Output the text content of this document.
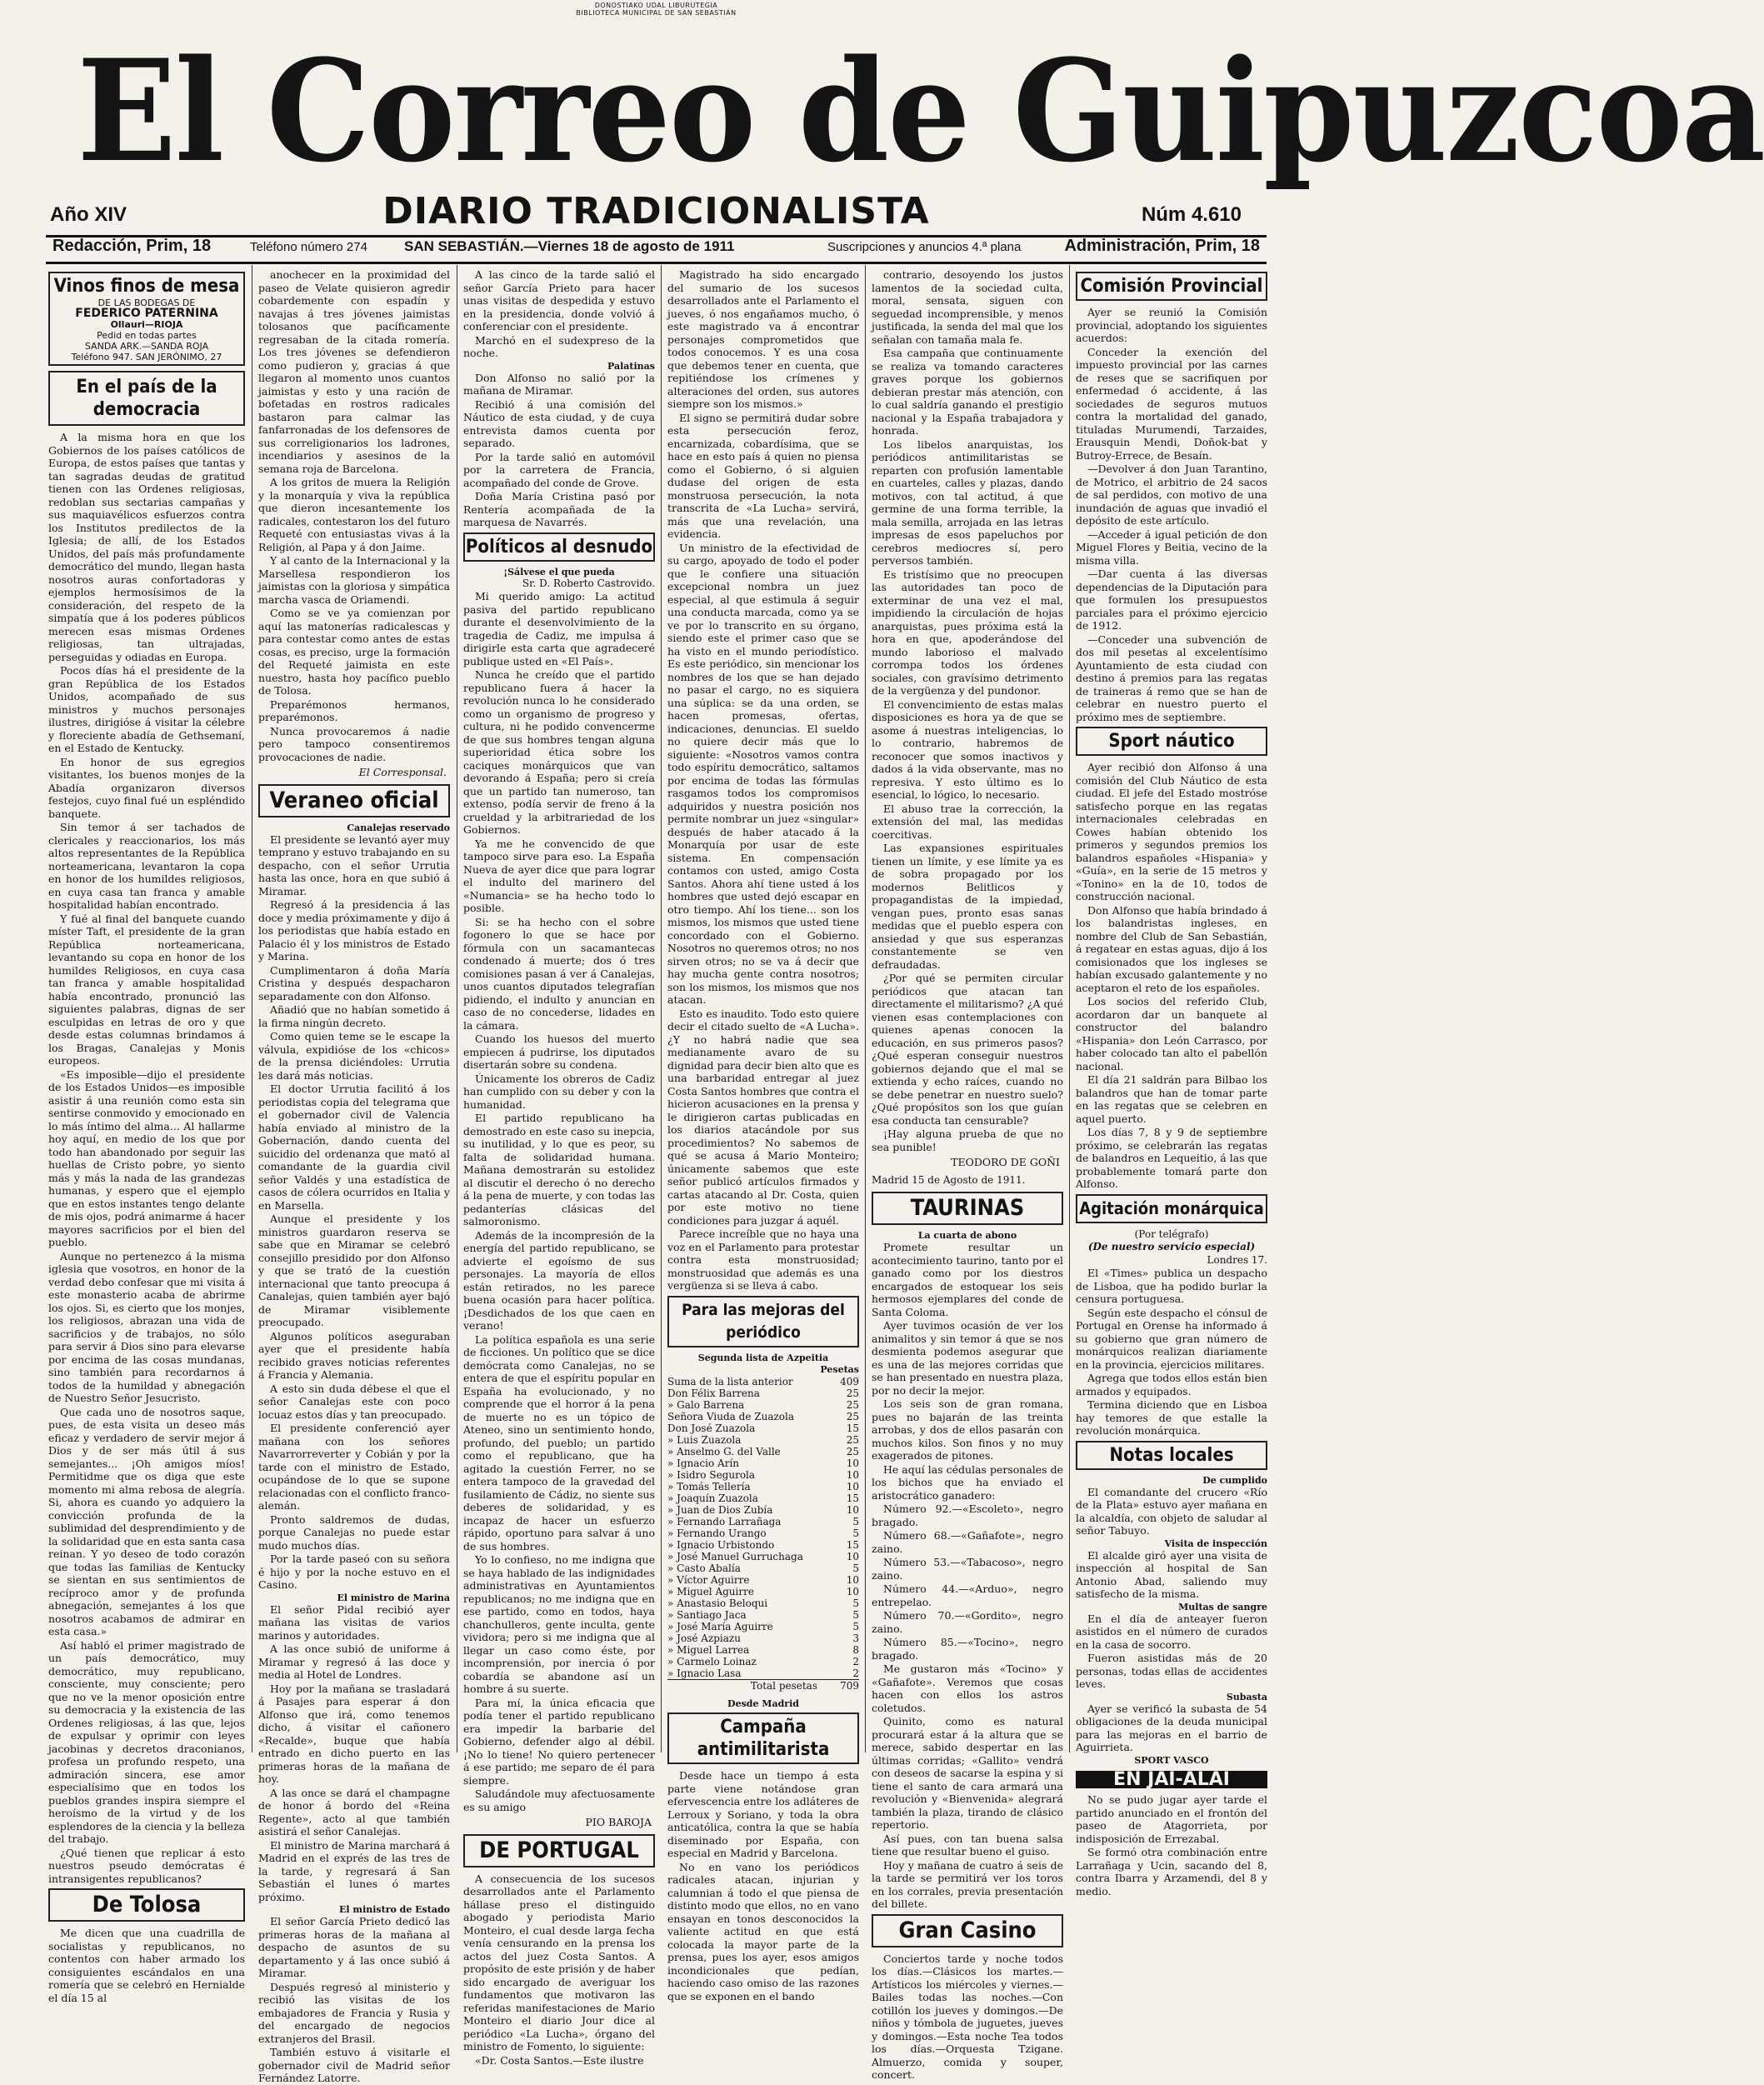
DONOSTIAKO UDAL LIBURUTEGIA
BIBLIOTECA MUNICIPAL DE SAN SEBASTIÁN
El Correo de Guipuzcoa
Año XIV	DIARIO TRADICIONALISTA	Núm 4.610
Redacción, Prim, 18	Teléfono número 274	SAN SEBASTIÁN.—Viernes 18 de agosto de 1911	Suscripciones y anuncios 4.ª plana	Administración, Prim, 18
Vinos finos de mesa
DE LAS BODEGAS DE
FEDERICO PATERNINA
Ollauri—RIOJA
Pedid en todas partes
SANDA ARK.—SANDA ROJA
Teléfono 947. SAN JERÓNIMO, 27
En el país de la democracia

A la misma hora en que los Gobiernos de los países católicos de Europa, de estos países que tantas y tan sagradas deudas de gratitud tienen con las Ordenes religiosas, redoblan sus sectarias campañas y sus maquiavélicos esfuerzos contra los Institutos predilectos de la Iglesia; de allí, de los Estados Unidos, del país más profundamente democrático del mundo, llegan hasta nosotros auras confortadoras y ejemplos hermosísimos de la consideración, del respeto de la simpatía que á los poderes públicos merecen esas mismas Ordenes religiosas, tan ultrajadas, perseguidas y odiadas en Europa.

Pocos días há el presidente de la gran República de los Estados Unidos, acompañado de sus ministros y muchos personajes ilustres, dirigióse á visitar la célebre y florecientе abadía de Gethsemaní, en el Estado de Kentucky.

En honor de sus egregios visitantes, los buenos monjes de la Abadía organizaron diversos festejos, cuyo final fué un espléndido banquete.

Sin temor á ser tachados de clericales y reaccionarios, los más altos representantes de la República norteamericana, levantaron la copa en honor de los humildes religiosos, en cuya casa tan franca y amable hospitalidad habían encontrado.

Y fué al final del banquete cuando míster Taft, el presidente de la gran República norteamericana, levantando su copa en honor de los humildes Religiosos, en cuya casa tan franca y amable hospitalidad había encontrado, pronunció las siguientes palabras, dignas de ser esculpidas en letras de oro y que desde estas columnas brindamos á los Bragas, Canalejas y Monis europeos.

«Es imposible—dijo el presidente de los Estados Unidos—es imposible asistir á una reunión como esta sin sentirse conmovido y emocionado en lo más íntimo del alma... Al hallarme hoy aquí, en medio de los que por todo han abandonado por seguir las huellas de Cristo pobre, yo siento más y más la nada de las grandezas humanas, y espero que el ejemplo que en estos instantes tengo delante de mis ojos, podrá animarme á hacer mayores sacrificios por el bien del pueblo.

Aunque no pertenezco á la misma iglesia que vosotros, en honor de la verdad debo confesar que mi visita á este monasterio acaba de abrirme los ojos. Si, es cierto que los monjes, los religiosos, abrazan una vida de sacrificios y de trabajos, no sólo para servir á Dios sino para elevarse por encima de las cosas mundanas, sino también para recordarnos á todos de la humildad y abnegación de Nuestro Señor Jesucristo.

Que cada uno de nosotros saque, pues, de esta visita un deseo más eficaz y verdadero de servir mejor á Dios y de ser más útil á sus semejantes... ¡Oh amigos míos! Permitidme que os diga que este momento mi alma rebosa de alegría. Si, ahora es cuando yo adquiero la convicción profunda de la sublimidad del desprendimiento y de la solidaridad que en esta santa casa reinan. Y yo deseo de todo corazón que todas las familias de Kentucky se sientan en sus sentimientos de recíproco amor y de profunda abnegación, semejantes á los que nosotros acabamos de admirar en esta casa.»

Así habló el primer magistrado de un país democrático, muy democrático, muy republicano, consciente, muy consciente; pero que no ve la menor oposición entre su democracia y la existencia de las Ordenes religiosas, á las que, lejos de expulsar y oprimir con leyes jacobinas y decretos draconianos, profesa un profundo respeto, una admiración sincera, ese amor especialísimo que en todos los pueblos grandes inspira siempre el heroísmo de la virtud y de los esplendores de la ciencia y la belleza del trabajo.

¿Qué tienen que replicar á esto nuestros pseudo demócratas é intransigentes republicanos?

De Tolosa

Me dicen que una cuadrilla de socialistas y republicanos, no contentos con haber armado los consiguientes escándalos en una romería que se celebró en Hernialde el día 15 al

anochecer en la proximidad del paseo de Velate quisieron agredir cobardemente con espadín y navajas á tres jóvenes jaimistas tolosanos que pacíficamente regresaban de la citada romería. Los tres jóvenes se defendieron como pudieron y, gracias á que llegaron al momento unos cuantos jaimistas y esto y una ración de bofetadas en rostros radicales bastaron para calmar las fanfarronadas de los defensores de sus correligionarios los ladrones, incendiarios y asesinos de la semana roja de Barcelona.

A los gritos de muera la Religión y la monarquía y viva la república que dieron incesantemente los radicales, contestaron los del futuro Requeté con entusiastas vivas á la Religión, al Papa y á don Jaime.

Y al canto de la Internacional y la Marsellesa respondieron los jaimistas con la gloriosa y simpática marcha vasca de Oriamendi.

Como se ve ya comienzan por aquí las matonerías radicalescas y para contestar como antes de estas cosas, es preciso, urge la formación del Requeté jaimista en este nuestro, hasta hoy pacífico pueblo de Tolosa.

Preparémonos hermanos, preparémonos.

Nunca provocaremos á nadie pero tampoco consentiremos provocaciones de nadie.

El Corresponsal.
Veraneo oficial
Canalejas reservado

El presidente se levantó ayer muy temprano y estuvo trabajando en su despacho, con el señor Urrutia hasta las once, hora en que subió á Miramar.

Regresó á la presidencia á las doce y media próximamente y dijo á los periodistas que había estado en Palacio él y los ministros de Estado y Marina.

Cumplimentaron á doña María Cristina y después despacharon separadamente con don Alfonso.

Añadió que no habían sometido á la firma ningún decreto.

Como quien teme se le escape la válvula, expidióse de los «chicos» de la prensa diciéndoles: Urrutia les dará más noticias.

El doctor Urrutia facilitó á los periodistas copia del telegrama que el gobernador civil de Valencia había enviado al ministro de la Gobernación, dando cuenta del suicidio del ordenanza que mató al comandante de la guardia civil señor Valdés y una estadística de casos de cólera ocurridos en Italia y en Marsella.

Aunque el presidente y los ministros guardaron reserva se sabe que en Miramar se celebró consejillo presidido por don Alfonso y que se trató de la cuestión internacional que tanto preocupa á Canalejas, quien también ayer bajó de Miramar visiblemente preocupado.

Algunos políticos aseguraban ayer que el presidente había recibido graves noticias referentes á Francia y Alemania.

A esto sin duda débese el que el señor Canalejas este con poco locuaz estos días y tan preocupado.

El presidente conferenció ayer mañana con los señores Navarrorreverter y Cobián y por la tarde con el ministro de Estado, ocupándose de lo que se supone relacionadas con el conflicto franco-alemán.

Pronto saldremos de dudas, porque Canalejas no puede estar mudo muchos días.

Por la tarde paseó con su señora é hijo y por la noche estuvo en el Casino.

El ministro de Marina

El señor Pidal recibió ayer mañana las visitas de varios marinos y autoridades.

A las once subió de uniforme á Miramar y regresó á las doce y media al Hotel de Londres.

Hoy por la mañana se trasladará á Pasajes para esperar á don Alfonso que irá, como tenemos dicho, á visitar el cañonero «Recalde», buque que había entrado en dicho puerto en las primeras horas de la mañana de hoy.

A las once se dará el champagne de honor á bordo del «Reina Regente», acto al que también asistirá el señor Canalejas.

El ministro de Marina marchará á Madrid en el exprés de las tres de la tarde, y regresará á San Sebastián el lunes ó martes próximo.

El ministro de Estado

El señor García Prieto dedicó las primeras horas de la mañana al despacho de asuntos de su departamento y á las once subió á Miramar.

Después regresó al ministerio y recibió las visitas de los embajadores de Francia y Rusia y del encargado de negocios extranjeros del Brasil.

También estuvo á visitarle el gobernador civil de Madrid señor Fernández Latorre.

A las cinco de la tarde salió el señor García Prieto para hacer unas visitas de despedida y estuvo en la presidencia, donde volvió á conferenciar con el presidente.

Marchó en el sudexpreso de la noche.

Palatinas

Don Alfonso no salió por la mañana de Miramar.

Recibió á una comisión del Náutico de esta ciudad, y de cuya entrevista damos cuenta por separado.

Por la tarde salió en automóvil por la carretera de Francia, acompañado del conde de Grove.

Doña María Cristina pasó por Rentería acompañada de la marquesa de Navarrés.

Políticos al desnudo
¡Sálvese el que pueda
Sr. D. Roberto Castrovido.

Mi querido amigo: La actitud pasiva del partido republicano durante el desenvolvimiento de la tragedia de Cadiz, me impulsa á dirigirle esta carta que agradeceré publique usted en «El País».

Nunca he creído que el partido republicano fuera á hacer la revolución nunca lo he considerado como un organismo de progreso y cultura, ni he podido convencerme de que sus hombres tengan alguna superioridad ética sobre los caciques monárquicos que van devorando á España; pero si creía que un partido tan numeroso, tan extenso, podía servir de freno á la crueldad y la arbitrariedad de los Gobiernos.

Ya me he convencido de que tampoco sirve para eso. La España Nueva de ayer dice que para lograr el indulto del marinero del «Numancia» se ha hecho todo lo posible.

Si: se ha hecho con el sobre fogonero lo que se hace por fórmula con un sacamantecas condenado á muerte; dos ó tres comisiones pasan á ver á Canalejas, unos cuantos diputados telegrafían pidiendo, el indulto y anuncian en caso de no concederse, lidades en la cámara.

Cuando los huesos del muerto empiecen á pudrirse, los diputados disertarán sobre su condena.

Únicamente los obreros de Cadiz han cumplido con su deber y con la humanidad.

El partido republicano ha demostrado en este caso su inepcia, su inutilidad, y lo que es peor, su falta de solidaridad humana. Mañana demostrarán su estolidez al discutir el derecho ó no derecho á la pena de muerte, y con todas las pedanterías clásicas del salmoronismo.

Además de la incompresión de la energía del partido republicano, se advierte el egoísmo de sus personajes. La mayoría de ellos están retirados, no les parece buena ocasión para hacer política. ¡Desdichados de los que caen en verano!

La política española es una serie de ficciones. Un político que se dice demócrata como Canalejas, no se entera de que el espíritu popular en España ha evolucionado, y no comprende que el horror á la pena de muerte no es un tópico de Ateneo, sino un sentimiento hondo, profundo, del pueblo; un partido como el republicano, que ha agitado la cuestión Ferrer, no se entera tampoco de la gravedad del fusilamiento de Cádiz, no siente sus deberes de solidaridad, y es incapaz de hacer un esfuerzo rápido, oportuno para salvar á uno de sus hombres.

Yo lo confieso, no me indigna que se haya hablado de las indignidades administrativas en Ayuntamientos republicanos; no me indigna que en ese partido, como en todos, haya chanchulleros, gente inculta, gente vividora; pero si me indigna que al llegar un caso como éste, por incomprensión, por inercia ó por cobardía se abandone así un hombre á su suerte.

Para mí, la única eficacia que podía tener el partido republicano era impedir la barbarie del Gobierno, defender algo al débil. ¡No lo tiene! No quiero pertenecer á ese partido; me separo de él para siempre.

Saludándole muy afectuosamente es su amigo

PIO BAROJA
DE PORTUGAL

A consecuencia de los sucesos desarrollados ante el Parlamento hállase preso el distinguido abogado y periodista Mario Monteiro, el cual desde larga fecha venía censurando en la prensa los actos del juez Costa Santos. A propósito de este prisión y de haber sido encargado de averiguar los fundamentos que motivaron las referidas manifestaciones de Mario Monteiro el diario Jour dice al periódico «La Lucha», órgano del ministro de Fomento, lo siguiente:

«Dr. Costa Santos.—Este ilustre

Magistrado ha sido encargado del sumario de los sucesos desarrollados ante el Parlamento el jueves, ó nos engañamos mucho, ó este magistrado va á encontrar personajes comprometidos que todos conocemos. Y es una cosa que debemos tener en cuenta, que repitiéndose los crímenes y alteraciones del orden, sus autores siempre son los mismos.»

El signo se permitirá dudar sobre esta persecución feroz, encarnizada, cobardísima, que se hace en esto país á quien no piensa como el Gobierno, ó si alguien dudase del origen de esta monstruosa persecución, la nota transcrita de «La Lucha» servirá, más que una revelación, una evidencia.

Un ministro de la efectividad de su cargo, apoyado de todo el poder que le confiere una situación excepcional nombra un juez especial, al que estimula á seguir una conducta marcada, como ya se ve por lo transcrito en su órgano, siendo este el primer caso que se ha visto en el mundo periodístico. Es este periódico, sin mencionar los nombres de los que se han dejado no pasar el cargo, no es siquiera una súplica: se da una orden, se hacen promesas, ofertas, indicaciones, denuncias. El sueldo no quiere decir más que lo siguiente: «Nosotros vamos contra todo espíritu democrático, saltamos por encima de todas las fórmulas rasgamos todos los compromisos adquiridos y nuestra posición nos permite nombrar un juez «singular» después de haber atacado á la Monarquía por usar de este sistema. En compensación contamos con usted, amigo Costa Santos. Ahora ahí tiene usted á los hombres que usted dejó escapar en otro tiempo. Ahí los tiene... son los mismos, los mismos que usted tiene concordado con el Gobierno. Nosotros no queremos otros; no nos sirven otros; no se va á decir que hay mucha gente contra nosotros; son los mismos, los mismos que nos atacan.

Esto es inaudito. Todo esto quiere decir el citado suelto de «A Lucha». ¿Y no habrá nadie que sea medianamente avaro de su dignidad para decir bien alto que es una barbaridad entregar al juez Costa Santos hombres que contra el hicieron acusaciones en la prensa y le dirigieron cartas publicadas en los diarios atacándole por sus procedimientos? No sabemos de qué se acusa á Mario Monteiro; únicamente sabemos que este señor publicó artículos firmados y cartas atacando al Dr. Costa, quien por este motivo no tiene condiciones para juzgar á aquél.

Parece increíble que no haya una voz en el Parlamento para protestar contra esta monstruosidad; monstruosidad que además es una vergüenza si se lleva á cabo.

Para las mejoras del periódico
Segunda lista de Azpeitia
Pesetas
Suma de la lista anterior	409
Don Félix Barrena	25
» Galo Barrena	25
Señora Viuda de Zuazola	25
Don José Zuazola	15
» Luis Zuazola	25
» Anselmo G. del Valle	25
» Ignacio Arín	10
» Isidro Segurola	10
» Tomás Tellería	10
» Joaquín Zuazola	15
» Juan de Dios Zubía	10
» Fernando Larrañaga	5
» Fernando Urango	5
» Ignacio Urbistondo	15
» José Manuel Gurruchaga	10
» Casto Abalía	5
» Víctor Aguirre	10
» Miguel Aguirre	10
» Anastasio Beloqui	5
» Santiago Jaca	5
» José María Aguirre	5
» José Azpiazu	3
» Miguel Larrea	8
» Carmelo Loinaz	2
» Ignacio Lasa	2
Total pesetas	709
Desde Madrid
Campaña antimilitarista

Desde hace un tiempo á esta parte viene notándose gran efervescencia entre los adláteres de Lerroux y Soriano, y toda la obra anticatólica, contra la que se había diseminado por España, con especial en Madrid y Barcelona.

No en vano los periódicos radicales atacan, injurian y calumnian á todo el que piensa de distinto modo que ellos, no en vano ensayan en tonos desconocidos la valiente actitud en que está colocada la mayor parte de la prensa, pues los ayer, esos amigos incondicionales que pedían, haciendo caso omiso de las razones que se exponen en el bando

contrario, desoyendo los justos lamentos de la sociedad culta, moral, sensata, siguen con seguedad incomprensible, y menos justificada, la senda del mal que los señalan con tamaña mala fe.

Esa campaña que continuamente se realiza va tomando caracteres graves porque los gobiernos debieran prestar más atención, con lo cual saldría ganando el prestigio nacional y la España trabajadora y honrada.

Los libelos anarquistas, los periódicos antimilitaristas se reparten con profusión lamentable en cuarteles, calles y plazas, dando motivos, con tal actitud, á que germine de una forma terrible, la mala semilla, arrojada en las letras impresas de esos papeluchos por cerebros mediocres sí, pero perversos también.

Es tristísimo que no preocupen las autoridades tan poco de exterminar de una vez el mal, impidiendo la circulación de hojas anarquistas, pues próxima está la hora en que, apoderándose del mundo laborioso el malvado corrompa todos los órdenes sociales, con gravísimo detrimento de la vergüenza y del pundonor.

El convencimiento de estas malas disposiciones es hora ya de que se asome á nuestras inteligencias, lo lo contrario, habremos de reconocer que somos inactivos y dados á la vida observante, mas no represiva. Y esto último es lo esencial, lo lógico, lo necesario.

El abuso trae la corrección, la extensión del mal, las medidas coercitivas.

Las expansiones espirituales tienen un límite, y ese límite ya es de sobra propagado por los modernos Belitlicos y propagandistas de la impiedad, vengan pues, pronto esas sanas medidas que el pueblo espera con ansiedad y que sus esperanzas constantemente se ven defraudadas.

¿Por qué se permiten circular periódicos que atacan tan directamente el militarismo? ¿A qué vienen esas contemplaciones con quienes apenas conocen la educación, en sus primeros pasos? ¿Qué esperan conseguir nuestros gobiernos dejando que el mal se extienda y echo raíces, cuando no se debe penetrar en nuestro suelo? ¿Qué propósitos son los que guían esa conducta tan censurable?

¡Hay alguna prueba de que no sea punible!

TEODORO DE GOÑI
Madrid 15 de Agosto de 1911.
TAURINAS
La cuarta de abono

Promete resultar un acontecimiento taurino, tanto por el ganado como por los diestros encargados de estoquear los seis hermosos ejemplares del conde de Santa Coloma.

Ayer tuvimos ocasión de ver los animalitos y sin temor á que se nos desmienta podemos asegurar que es una de las mejores corridas que se han presentado en nuestra plaza, por no decir la mejor.

Los seis son de gran romana, pues no bajarán de las treinta arrobas, y dos de ellos pasarán con muchos kilos. Son finos y no muy exagerados de pitones.

He aquí las cédulas personales de los bichos que ha enviado el aristocrático ganadero:

Número 92.—«Escoleto», negro bragado.

Número 68.—«Gañafote», negro zaino.

Número 53.—«Tabacoso», negro zaino.

Número 44.—«Arduo», negro entrepelao.

Número 70.—«Gordito», negro zaino.

Número 85.—«Tocino», negro bragado.

Me gustaron más «Tocino» y «Gañafote». Veremos que cosas hacen con ellos los astros coletudos.

Quinito, como es natural procurará estar á la altura que se merece, sabido despertar en las últimas corridas; «Gallito» vendrá con deseos de sacarse la espina y si tiene el santo de cara armará una revolución y «Bienvenida» alegrará también la plaza, tirando de clásico repertorio.

Así pues, con tan buena salsa tiene que resultar bueno el guiso.

Hoy y mañana de cuatro á seis de la tarde se permitirá ver los toros en los corrales, previa presentación del billete.

Gran Casino

Conciertos tarde y noche todos los días.—Clásicos los martes.—Artísticos los miércoles y viernes.—Bailes todas las noches.—Con cotillón los jueves y domingos.—De niños y tómbola de juguetes, jueves y domingos.—Esta noche Tea todos los días.—Orquesta Tzigane. Almuerzo, comida y souper, concert.

Comisión Provincial

Ayer se reunió la Comisión provincial, adoptando los siguientes acuerdos:

Conceder la exención del impuesto provincial por las carnes de reses que se sacrifiquen por enfermedad ó accidente, á las sociedades de seguros mutuos contra la mortalidad del ganado, tituladas Murumendi, Tarzaides, Erausquin Mendi, Doñok-bat y Butroy-Errece, de Besaín.

—Devolver á don Juan Tarantino, de Motrico, el arbitrio de 24 sacos de sal perdidos, con motivo de una inundación de aguas que invadió el depósito de este artículo.

—Acceder á igual petición de don Miguel Flores y Beitia, vecino de la misma villa.

—Dar cuenta á las diversas dependencias de la Diputación para que formulen los presupuestos parciales para el próximo ejercicio de 1912.

—Conceder una subvención de dos mil pesetas al excelentísimo Ayuntamiento de esta ciudad con destino á premios para las regatas de traineras á remo que se han de celebrar en nuestro puerto el próximo mes de septiembre.

Sport náutico

Ayer recibió don Alfonso á una comisión del Club Náutico de esta ciudad. El jefe del Estado mostróse satisfecho porque en las regatas internacionales celebradas en Cowes habían obtenido los primeros y segundos premios los balandros españoles «Hispania» y «Guía», en la serie de 15 metros y «Tonino» en la de 10, todos de construcción nacional.

Don Alfonso que había brindado á los balandristas ingleses, en nombre del Club de San Sebastián, á regatear en estas aguas, dijo á los comisionados que los ingleses se habían excusado galantemente y no aceptaron el reto de los españoles.

Los socios del referido Club, acordaron dar un banquete al constructor del balandro «Hispania» don León Carrasco, por haber colocado tan alto el pabellón nacional.

El día 21 saldrán para Bilbao los balandros que han de tomar parte en las regatas que se celebren en aquel puerto.

Los días 7, 8 y 9 de septiembre próximo, se celebrarán las regatas de balandros en Lequeitio, á las que probablemente tomará parte don Alfonso.

Agitación monárquica
(Por telégrafo)
(De nuestro servicio especial)
Londres 17.

El «Times» publica un despacho de Lisboa, que ha podido burlar la censura portuguesa.

Según este despacho el cónsul de Portugal en Orense ha informado á su gobierno que gran número de monárquicos realizan diariamente en la provincia, ejercicios militares.

Agrega que todos ellos están bien armados y equipados.

Termina diciendo que en Lisboa hay temores de que estalle la revolución monárquica.

Notas locales
De cumplido

El comandante del crucero «Río de la Plata» estuvo ayer mañana en la alcaldía, con objeto de saludar al señor Tabuyo.

Visita de inspección

El alcalde giró ayer una visita de inspección al hospital de San Antonio Abad, saliendo muy satisfecho de la misma.

Multas de sangre

En el día de anteayer fueron asistidos en el número de curados en la casa de socorro.

Fueron asistidas más de 20 personas, todas ellas de accidentes leves.

Subasta

Ayer se verificó la subasta de 54 obligaciones de la deuda municipal para las mejoras en el barrio de Aguirrieta.

SPORT VASCO
EN JAI-ALAI

No se pudo jugar ayer tarde el partido anunciado en el frontón del paseo de Atagorrieta, por indisposición de Errezabal.

Se formó otra combinación entre Larrañaga y Ucin, sacando del 8, contra Ibarra y Arzamendi, del 8 y medio.
